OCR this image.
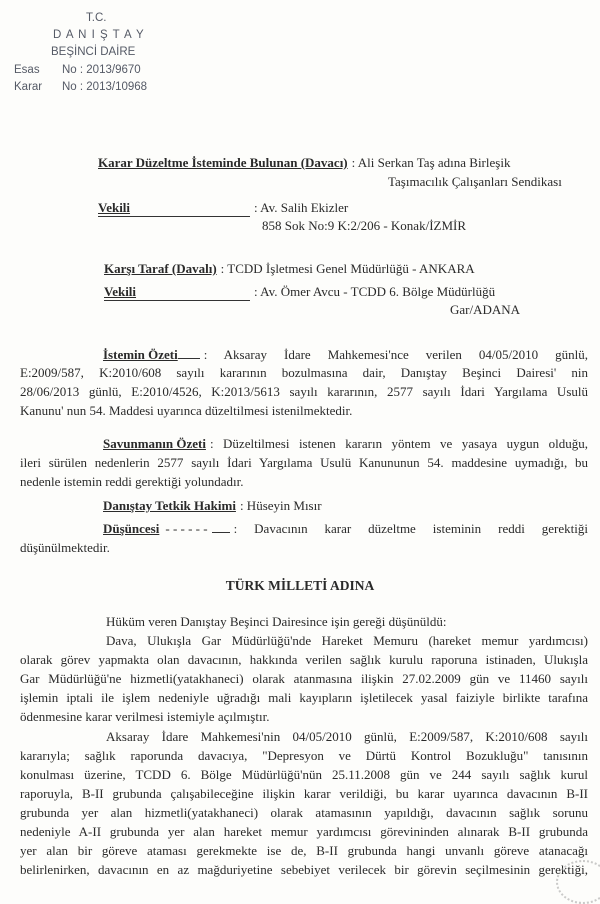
T.C.
D A N I Ş T A Y
BEŞİNCİ DAİRE
Esas No : 2013/9670
Karar No : 2013/10968
Karar Düzeltme İsteminde Bulunan (Davacı) : Ali Serkan Taş adına Birleşik
Taşımacılık Çalışanları Sendikası
Vekili	: Av. Salih Ekizler
858 Sok No:9 K:2/206 - Konak/İZMİR
Karşı Taraf (Davalı) : TCDD İşletmesi Genel Müdürlüğü - ANKARA
Vekili	: Av. Ömer Avcu - TCDD 6. Bölge Müdürlüğü
Gar/ADANA
İstemin Özeti : Aksaray İdare Mahkemesi'nce verilen 04/05/2010 günlü,
E:2009/587, K:2010/608 sayılı kararının bozulmasına dair, Danıştay Beşinci Dairesi' nin
28/06/2013 günlü, E:2010/4526, K:2013/5613 sayılı kararının, 2577 sayılı İdari Yargılama Usulü
Kanunu' nun 54. Maddesi uyarınca düzeltilmesi istenilmektedir.
Savunmanın Özeti : Düzeltilmesi istenen kararın yöntem ve yasaya uygun olduğu,
ileri sürülen nedenlerin 2577 sayılı İdari Yargılama Usulü Kanununun 54. maddesine uymadığı, bu
nedenle istemin reddi gerektiği yolundadır.
Danıştay Tetkik Hakimi : Hüseyin Mısır
Düşüncesi - - - - - - : Davacının karar düzeltme isteminin reddi gerektiği
düşünülmektedir.
TÜRK MİLLETİ ADINA
Hüküm veren Danıştay Beşinci Dairesince işin gereği düşünüldü:
Dava, Ulukışla Gar Müdürlüğü'nde Hareket Memuru (hareket memur yardımcısı)
olarak görev yapmakta olan davacının, hakkında verilen sağlık kurulu raporuna istinaden, Ulukışla
Gar Müdürlüğü'ne hizmetli(yatakhaneci) olarak atanmasına ilişkin 27.02.2009 gün ve 11460 sayılı
işlemin iptali ile işlem nedeniyle uğradığı mali kayıpların işletilecek yasal faiziyle birlikte tarafına
ödenmesine karar verilmesi istemiyle açılmıştır.
Aksaray İdare Mahkemesi'nin 04/05/2010 günlü, E:2009/587, K:2010/608 sayılı
kararıyla; sağlık raporunda davacıya, "Depresyon ve Dürtü Kontrol Bozukluğu" tanısının
konulması üzerine, TCDD 6. Bölge Müdürlüğü'nün 25.11.2008 gün ve 244 sayılı sağlık kurul
raporuyla, B-II grubunda çalışabileceğine ilişkin karar verildiği, bu karar uyarınca davacının B-II
grubunda yer alan hizmetli(yatakhaneci) olarak atamasının yapıldığı, davacının sağlık sorunu
nedeniyle A-II grubunda yer alan hareket memur yardımcısı görevininden alınarak B-II grubunda
yer alan bir göreve ataması gerekmekte ise de, B-II grubunda hangi unvanlı göreve atanacağı
belirlenirken, davacının en az mağduriyetine sebebiyet verilecek bir görevin seçilmesinin gerektiği,
